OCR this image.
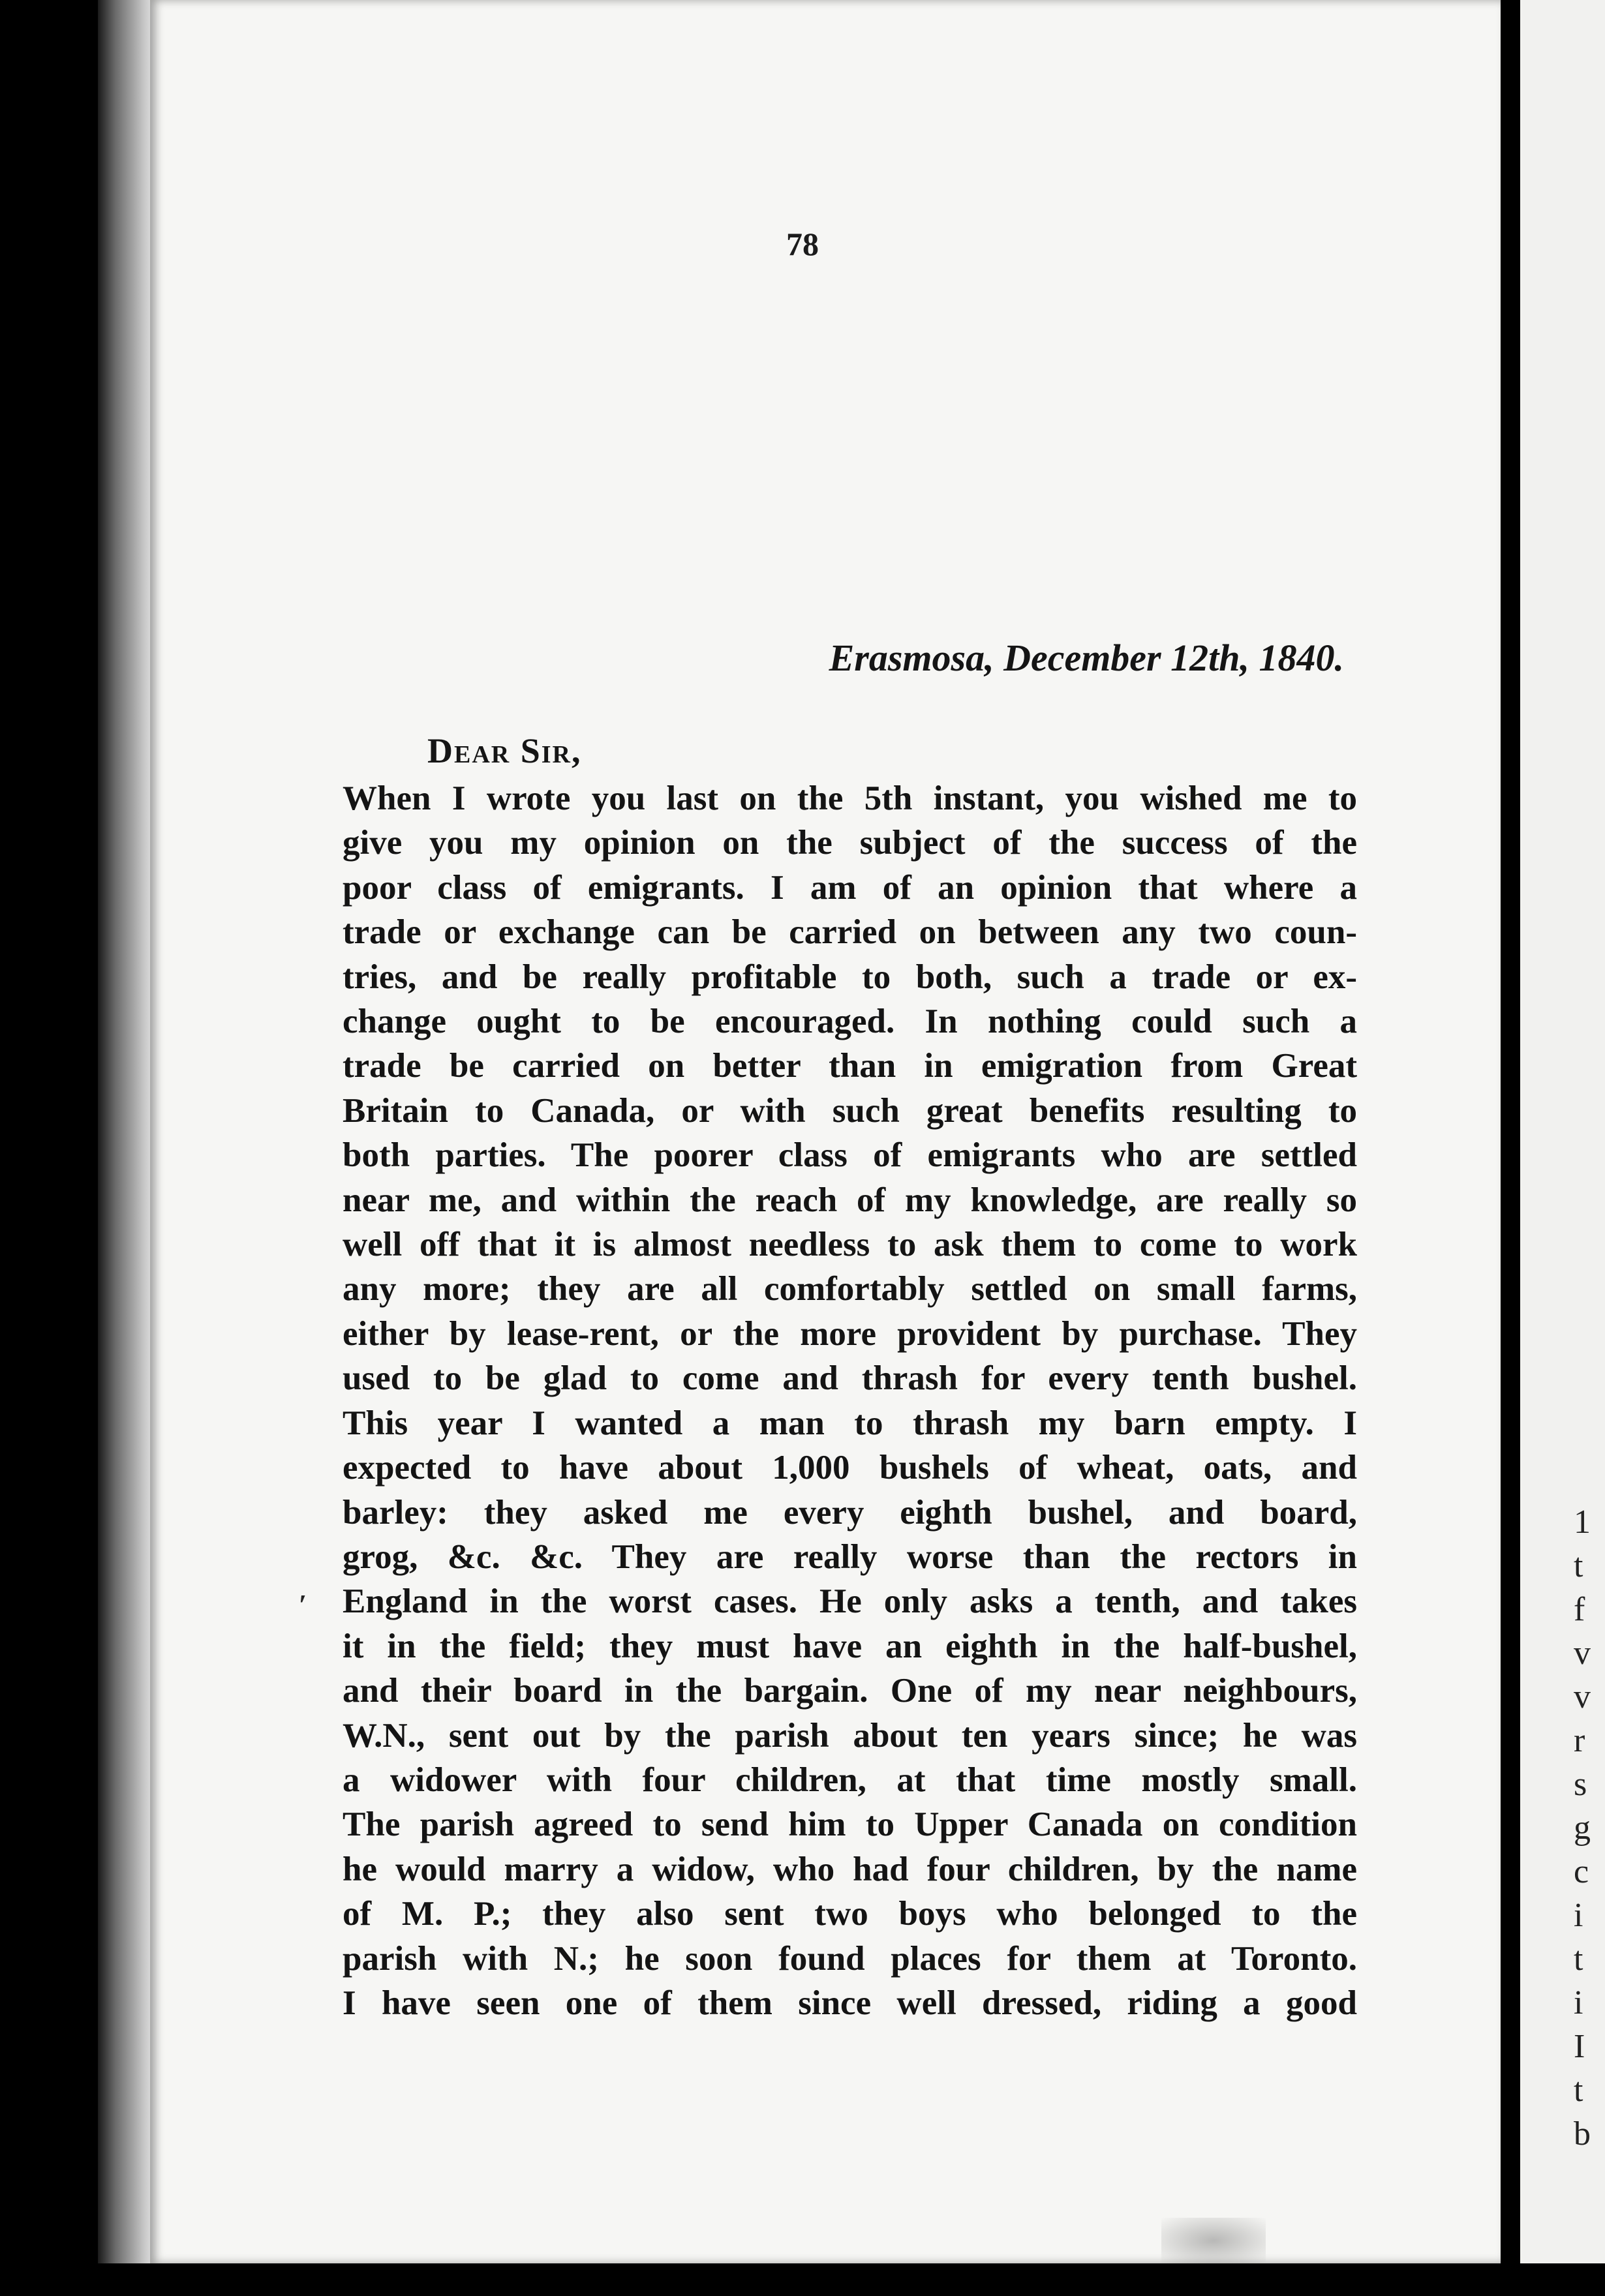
78
Erasmosa, December 12th, 1840.
Dear Sir,
′
When I wrote you last on the 5th instant, you wished me to
give you my opinion on the subject of the success of the
poor class of emigrants. I am of an opinion that where a
trade or exchange can be carried on between any two coun-
tries, and be really profitable to both, such a trade or ex-
change ought to be encouraged. In nothing could such a
trade be carried on better than in emigration from Great
Britain to Canada, or with such great benefits resulting to
both parties. The poorer class of emigrants who are settled
near me, and within the reach of my knowledge, are really so
well off that it is almost needless to ask them to come to work
any more; they are all comfortably settled on small farms,
either by lease-rent, or the more provident by purchase. They
used to be glad to come and thrash for every tenth bushel.
This year I wanted a man to thrash my barn empty. I
expected to have about 1,000 bushels of wheat, oats, and
barley: they asked me every eighth bushel, and board,
grog, &c. &c. They are really worse than the rectors in
England in the worst cases. He only asks a tenth, and takes
it in the field; they must have an eighth in the half-bushel,
and their board in the bargain. One of my near neighbours,
W.N., sent out by the parish about ten years since; he was
a widower with four children, at that time mostly small.
The parish agreed to send him to Upper Canada on condition
he would marry a widow, who had four children, by the name
of M. P.; they also sent two boys who belonged to the
parish with N.; he soon found places for them at Toronto.
I have seen one of them since well dressed, riding a good
1
t
f
v
v
r
s
g
c
i
t
i
I
t
b
